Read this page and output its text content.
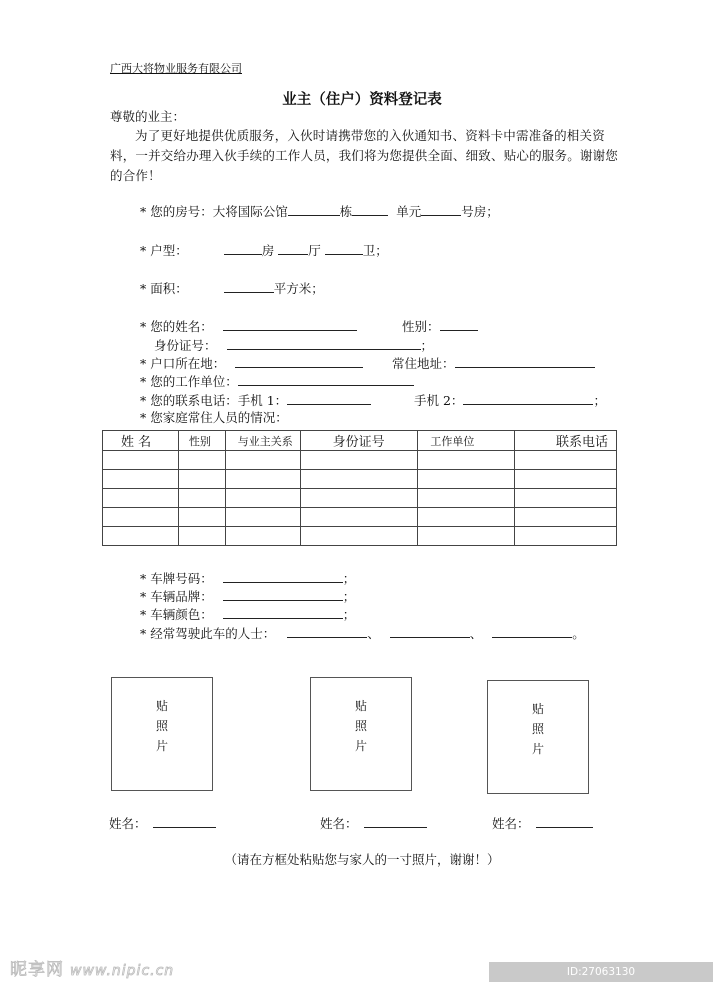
广西大将物业服务有限公司
业主（住户）资料登记表
尊敬的业主：
为了更好地提供优质服务，入伙时请携带您的入伙通知书、资料卡中需准备的相关资料，一并交给办理入伙手续的工作人员，我们将为您提供全面、细致、贴心的服务。谢谢您的合作！
* 您的房号：大将国际公馆	栋	单元	号房；
* 户型：	房	厅	卫；
* 面积：	平方米；
* 您的姓名：	性别：
身份证号：	；
* 户口所在地：	常住地址：
* 您的工作单位：
* 您的联系电话：手机 1：	手机 2：	；
* 您家庭常住人员的情况：
姓 名	性别	与业主关系	身份证号	工作单位	联系电话

* 车牌号码：	；
* 车辆品牌：	；
* 车辆颜色：	；
* 经常驾驶此车的人士：	、	、	。
贴
照
片
贴
照
片
贴
照
片
姓名：	姓名：	姓名：
（请在方框处粘贴您与家人的一寸照片，谢谢！）
昵享网 www.nipic.cn	ID:27063130 NO:20190726231506814507
